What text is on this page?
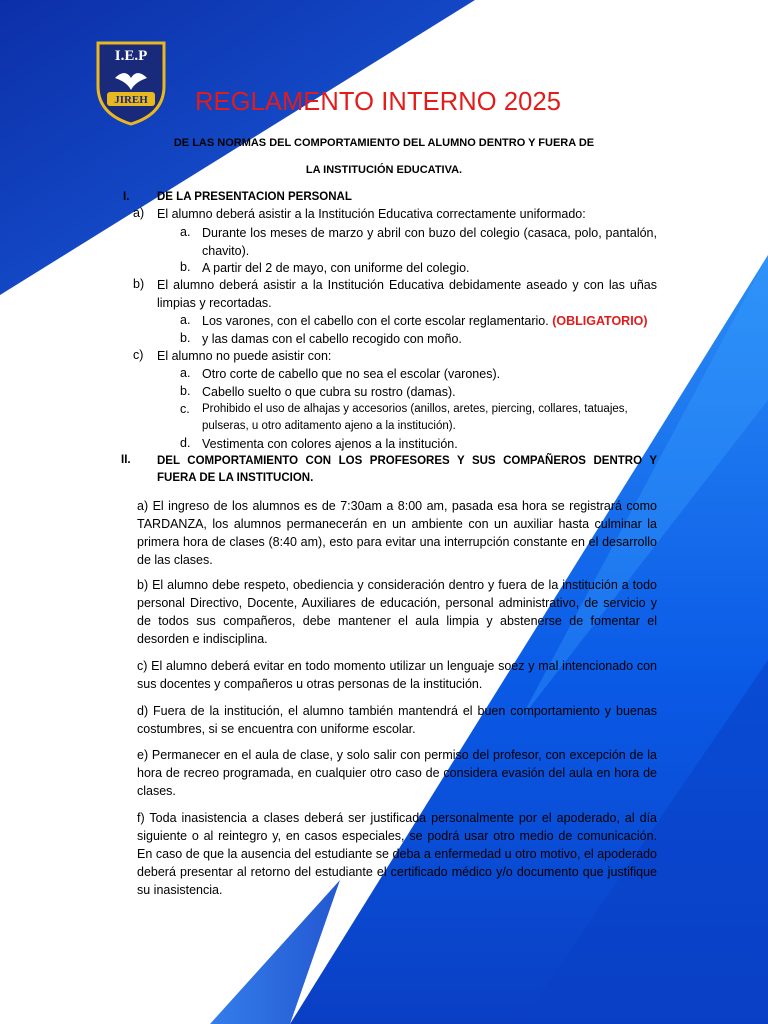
I.E.P
JIREH REGLAMENTO INTERNO 2025
DE LAS NORMAS DEL COMPORTAMIENTO DEL ALUMNO DENTRO Y FUERA DE
LA INSTITUCIÓN EDUCATIVA.
I. DE LA PRESENTACION PERSONAL
a) El alumno deberá asistir a la Institución Educativa correctamente uniformado:
a. Durante los meses de marzo y abril con buzo del colegio (casaca, polo, pantalón, chavito).
b. A partir del 2 de mayo, con uniforme del colegio.
b) El alumno deberá asistir a la Institución Educativa debidamente aseado y con las uñas limpias y recortadas.
a. Los varones, con el cabello con el corte escolar reglamentario. (OBLIGATORIO)
b. y las damas con el cabello recogido con moño.
c) El alumno no puede asistir con:
a. Otro corte de cabello que no sea el escolar (varones).
b. Cabello suelto o que cubra su rostro (damas).
c. Prohibido el uso de alhajas y accesorios (anillos, aretes, piercing, collares, tatuajes, pulseras, u otro aditamento ajeno a la institución).
d. Vestimenta con colores ajenos a la institución.
II. DEL COMPORTAMIENTO CON LOS PROFESORES Y SUS COMPAÑEROS DENTRO Y FUERA DE LA INSTITUCION.
a) El ingreso de los alumnos es de 7:30am a 8:00 am, pasada esa hora se registrará como TARDANZA, los alumnos permanecerán en un ambiente con un auxiliar hasta culminar la primera hora de clases (8:40 am), esto para evitar una interrupción constante en el desarrollo de las clases.
b) El alumno debe respeto, obediencia y consideración dentro y fuera de la institución a todo personal Directivo, Docente, Auxiliares de educación, personal administrativo, de servicio y de todos sus compañeros, debe mantener el aula limpia y abstenerse de fomentar el desorden e indisciplina.
c) El alumno deberá evitar en todo momento utilizar un lenguaje soez y mal intencionado con sus docentes y compañeros u otras personas de la institución.
d) Fuera de la institución, el alumno también mantendrá el buen comportamiento y buenas costumbres, si se encuentra con uniforme escolar.
e) Permanecer en el aula de clase, y solo salir con permiso del profesor, con excepción de la hora de recreo programada, en cualquier otro caso de considera evasión del aula en hora de clases.
f) Toda inasistencia a clases deberá ser justificada personalmente por el apoderado, al día siguiente o al reintegro y, en casos especiales, se podrá usar otro medio de comunicación. En caso de que la ausencia del estudiante se deba a enfermedad u otro motivo, el apoderado deberá presentar al retorno del estudiante el certificado médico y/o documento que justifique su inasistencia.
